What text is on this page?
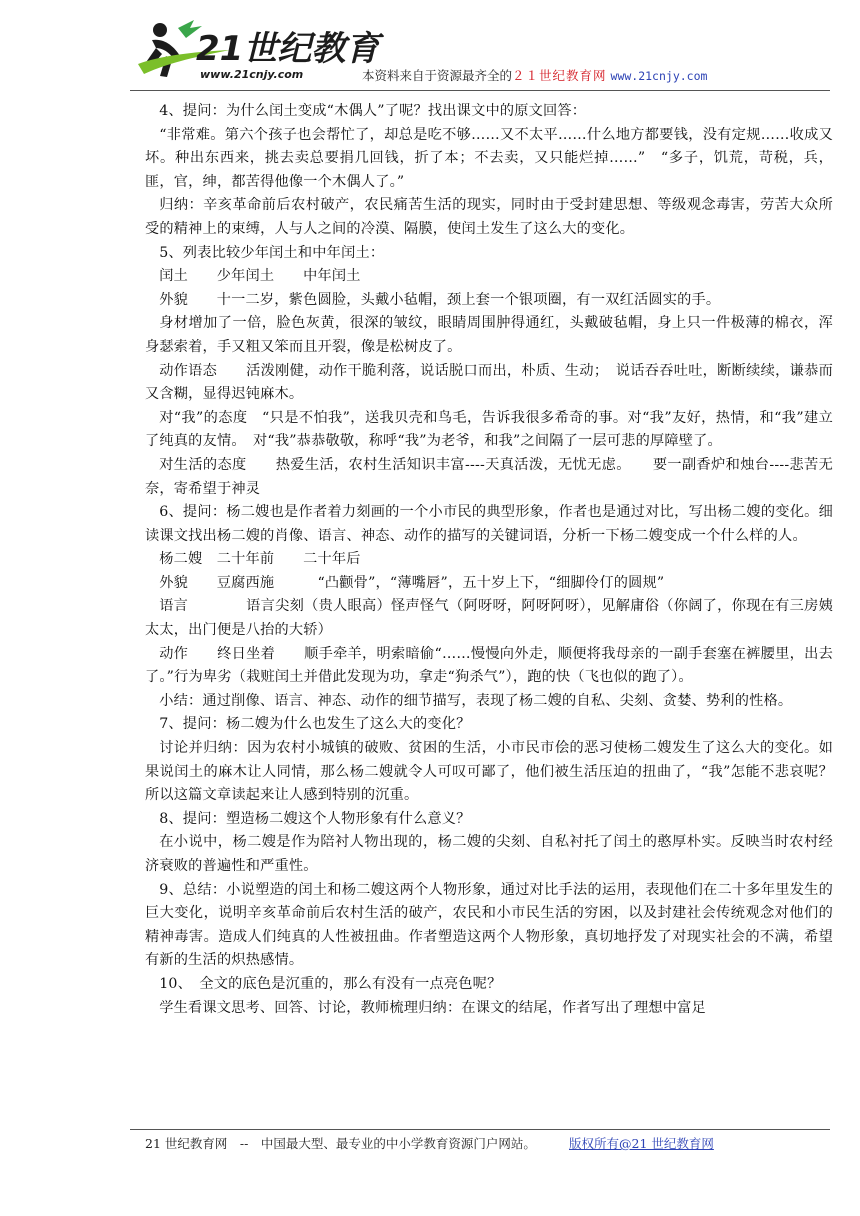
21世纪教育
www.21cnjy.com	本资料来自于资源最齐全的２１世纪教育网 www.21cnjy.com

4、提问：为什么闰土变成“木偶人”了呢？找出课文中的原文回答：

“非常难。第六个孩子也会帮忙了，却总是吃不够……又不太平……什么地方都要钱，没有定规……收成又坏。种出东西来，挑去卖总要捐几回钱，折了本；不去卖，又只能烂掉……”　“多子，饥荒，苛税，兵，匪，官，绅，都苦得他像一个木偶人了。”

归纳：辛亥革命前后农村破产，农民痛苦生活的现实，同时由于受封建思想、等级观念毒害，劳苦大众所受的精神上的束缚，人与人之间的冷漠、隔膜，使闰土发生了这么大的变化。

5、列表比较少年闰土和中年闰土：

闰土　　少年闰土　　中年闰土

外貌　　十一二岁，紫色圆脸，头戴小毡帽，颈上套一个银项圈，有一双红活圆实的手。

身材增加了一倍，脸色灰黄，很深的皱纹，眼睛周围肿得通红，头戴破毡帽，身上只一件极薄的棉衣，浑身瑟索着，手又粗又笨而且开裂，像是松树皮了。

动作语态　　活泼刚健，动作干脆利落，说话脱口而出，朴质、生动；　说话吞吞吐吐，断断续续，谦恭而又含糊，显得迟钝麻木。

对“我”的态度　“只是不怕我”，送我贝壳和鸟毛，告诉我很多希奇的事。对“我”友好，热情，和“我”建立了纯真的友情。　对“我”恭恭敬敬，称呼“我”为老爷，和我”之间隔了一层可悲的厚障壁了。

对生活的态度　　热爱生活，农村生活知识丰富----天真活泼，无忧无虑。　　要一副香炉和烛台----悲苦无奈，寄希望于神灵

6、提问：杨二嫂也是作者着力刻画的一个小市民的典型形象，作者也是通过对比，写出杨二嫂的变化。细读课文找出杨二嫂的肖像、语言、神态、动作的描写的关键词语，分析一下杨二嫂变成一个什么样的人。

杨二嫂　二十年前　　二十年后

外貌　　豆腐西施　　　“凸颧骨”，“薄嘴唇”，五十岁上下，“细脚伶仃的圆规”

语言　　　　语言尖刻（贵人眼高）怪声怪气（阿呀呀，阿呀阿呀），见解庸俗（你阔了，你现在有三房姨太太，出门便是八抬的大轿）

动作　　终日坐着　　顺手牵羊，明索暗偷“……慢慢向外走，顺便将我母亲的一副手套塞在裤腰里，出去了。”行为卑劣（栽赃闰土并借此发现为功，拿走“狗杀气”），跑的快（飞也似的跑了）。

小结：通过削像、语言、神态、动作的细节描写，表现了杨二嫂的自私、尖刻、贪婪、势利的性格。

7、提问：杨二嫂为什么也发生了这么大的变化？

讨论并归纳：因为农村小城镇的破败、贫困的生活，小市民市侩的恶习使杨二嫂发生了这么大的变化。如果说闰土的麻木让人同情，那么杨二嫂就令人可叹可鄙了，他们被生活压迫的扭曲了，“我”怎能不悲哀呢？所以这篇文章读起来让人感到特别的沉重。

8、提问：塑造杨二嫂这个人物形象有什么意义？

在小说中，杨二嫂是作为陪衬人物出现的，杨二嫂的尖刻、自私衬托了闰土的憨厚朴实。反映当时农村经济衰败的普遍性和严重性。

9、总结：小说塑造的闰土和杨二嫂这两个人物形象，通过对比手法的运用，表现他们在二十多年里发生的巨大变化，说明辛亥革命前后农村生活的破产，农民和小市民生活的穷困，以及封建社会传统观念对他们的精神毒害。造成人们纯真的人性被扭曲。作者塑造这两个人物形象，真切地抒发了对现实社会的不满，希望有新的生活的炽热感情。

10、　全文的底色是沉重的，那么有没有一点亮色呢？

学生看课文思考、回答、讨论，教师梳理归纳：在课文的结尾，作者写出了理想中富足

21 世纪教育网　--　中国最大型、最专业的中小学教育资源门户网站。	版权所有@21 世纪教育网
